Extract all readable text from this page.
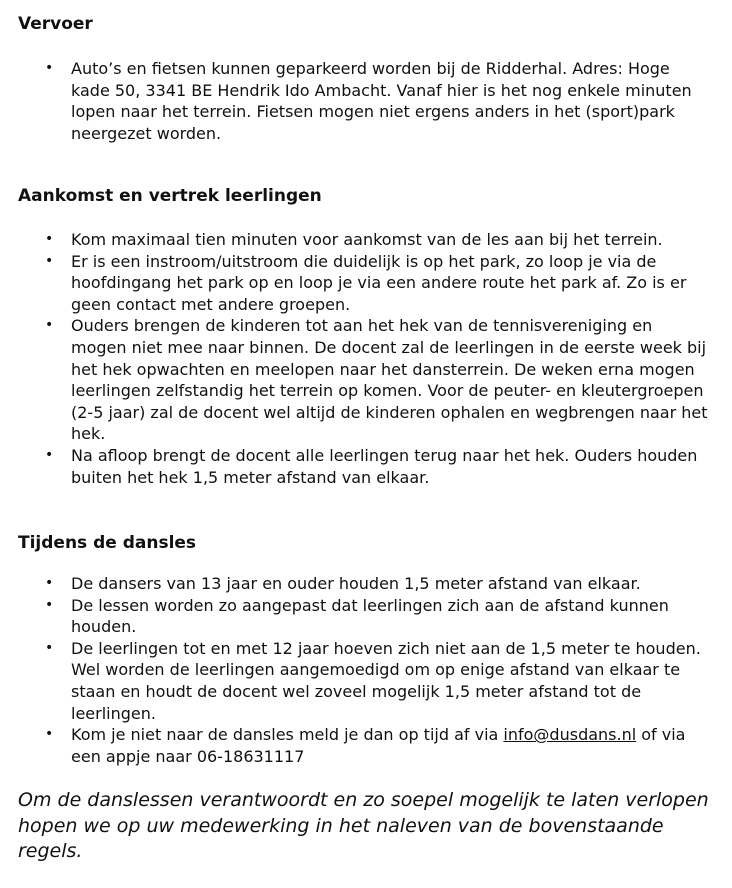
Vervoer
• Auto’s en fietsen kunnen geparkeerd worden bij de Ridderhal. Adres: Hoge kade 50, 3341 BE Hendrik Ido Ambacht. Vanaf hier is het nog enkele minuten lopen naar het terrein. Fietsen mogen niet ergens anders in het (sport)park neergezet worden.
Aankomst en vertrek leerlingen
• Kom maximaal tien minuten voor aankomst van de les aan bij het terrein.
• Er is een instroom/uitstroom die duidelijk is op het park, zo loop je via de hoofdingang het park op en loop je via een andere route het park af. Zo is er geen contact met andere groepen.
• Ouders brengen de kinderen tot aan het hek van de tennisvereniging en mogen niet mee naar binnen. De docent zal de leerlingen in de eerste week bij het hek opwachten en meelopen naar het dansterrein. De weken erna mogen leerlingen zelfstandig het terrein op komen. Voor de peuter- en kleutergroepen (2-5 jaar) zal de docent wel altijd de kinderen ophalen en wegbrengen naar het hek.
• Na afloop brengt de docent alle leerlingen terug naar het hek. Ouders houden buiten het hek 1,5 meter afstand van elkaar.
Tijdens de dansles
• De dansers van 13 jaar en ouder houden 1,5 meter afstand van elkaar.
• De lessen worden zo aangepast dat leerlingen zich aan de afstand kunnen houden.
• De leerlingen tot en met 12 jaar hoeven zich niet aan de 1,5 meter te houden. Wel worden de leerlingen aangemoedigd om op enige afstand van elkaar te staan en houdt de docent wel zoveel mogelijk 1,5 meter afstand tot de leerlingen.
• Kom je niet naar de dansles meld je dan op tijd af via info@dusdans.nl of via een appje naar 06-18631117

Om de danslessen verantwoordt en zo soepel mogelijk te laten verlopen hopen we op uw medewerking in het naleven van de bovenstaande regels.
